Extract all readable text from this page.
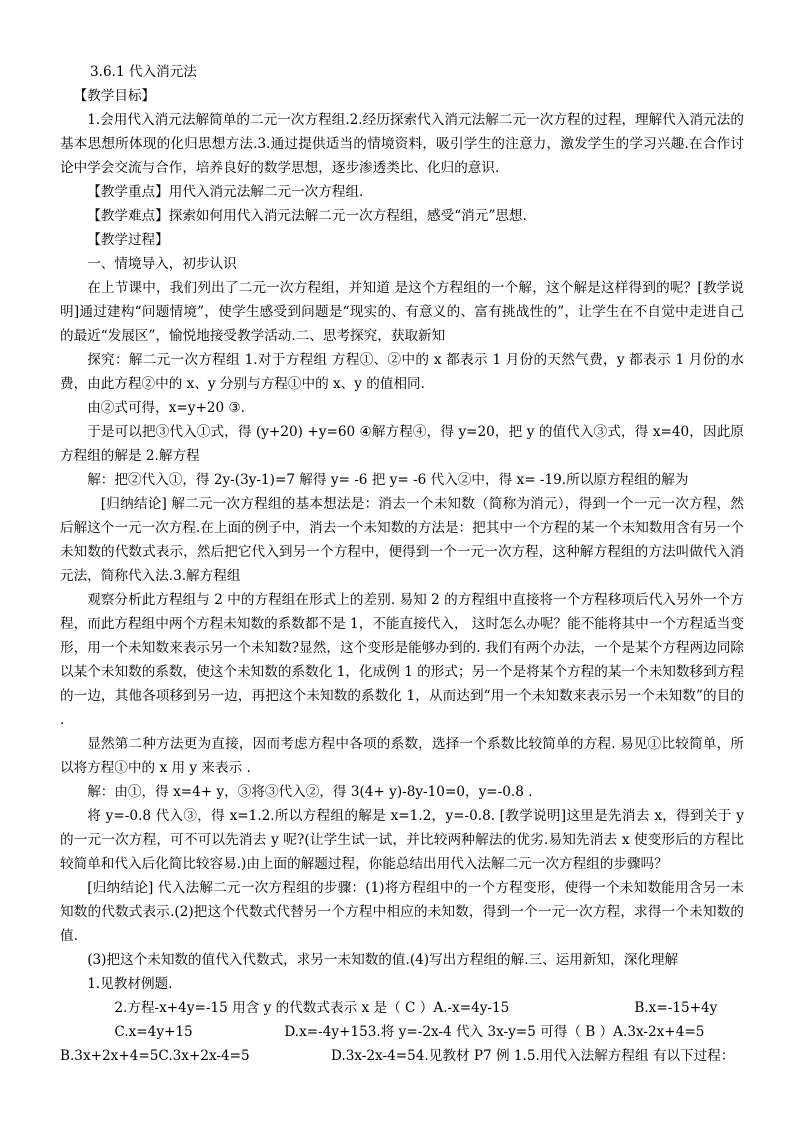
3.6.1 代入消元法

【教学目标】

1.会用代入消元法解简单的二元一次方程组.2.经历探索代入消元法解二元一次方程的过程，理解代入消元法的基本思想所体现的化归思想方法.3.通过提供适当的情境资料，吸引学生的注意力，激发学生的学习兴趣.在合作讨论中学会交流与合作，培养良好的数学思想，逐步渗透类比、化归的意识.

【教学重点】用代入消元法解二元一次方程组.

【教学难点】探索如何用代入消元法解二元一次方程组，感受“消元”思想.

【教学过程】

一、情境导入，初步认识

在上节课中，我们列出了二元一次方程组，并知道 是这个方程组的一个解，这个解是这样得到的呢？[教学说明]通过建构“问题情境”，使学生感受到问题是“现实的、有意义的、富有挑战性的”，让学生在不自觉中走进自己的最近“发展区”，愉悦地接受教学活动.二、思考探究，获取新知

探究：解二元一次方程组 1.对于方程组 方程①、②中的 x 都表示 1 月份的天然气费，y 都表示 1 月份的水费，由此方程②中的 x、y 分别与方程①中的 x、y 的值相同.

由②式可得，x=y+20 ③.

于是可以把③代入①式，得 (y+20) +y=60 ④解方程④，得 y=20，把 y 的值代入③式，得 x=40，因此原方程组的解是 2.解方程

解：把②代入①，得 2y-(3y-1)=7 解得 y= -6 把 y= -6 代入②中，得 x= -19.所以原方程组的解为

[归纳结论] 解二元一次方程组的基本想法是：消去一个未知数（简称为消元），得到一个一元一次方程，然后解这个一元一次方程.在上面的例子中，消去一个未知数的方法是：把其中一个方程的某一个未知数用含有另一个未知数的代数式表示，然后把它代入到另一个方程中，便得到一个一元一次方程，这种解方程组的方法叫做代入消元法，简称代入法.3.解方程组

观察分析此方程组与 2 中的方程组在形式上的差别. 易知 2 的方程组中直接将一个方程移项后代入另外一个方程，而此方程组中两个方程未知数的系数都不是 1，不能直接代入， 这时怎么办呢？能不能将其中一个方程适当变形，用一个未知数来表示另一个未知数?显然，这个变形是能够办到的. 我们有两个办法，一个是某个方程两边同除以某个未知数的系数，使这个未知数的系数化 1，化成例 1 的形式；另一个是将某个方程的某一个未知数移到方程的一边，其他各项移到另一边，再把这个未知数的系数化 1，从而达到“用一个未知数来表示另一个未知数”的目的 .

显然第二种方法更为直接，因而考虑方程中各项的系数，选择一个系数比较简单的方程. 易见①比较简单，所以将方程①中的 x 用 y 来表示 .

解：由①，得 x=4+ y，③将③代入②，得 3(4+ y)-8y-10=0，y=-0.8 .

将 y=-0.8 代入③，得 x=1.2.所以方程组的解是 x=1.2，y=-0.8. [教学说明]这里是先消去 x，得到关于 y 的一元一次方程，可不可以先消去 y 呢?(让学生试一试，并比较两种解法的优劣.易知先消去 x 使变形后的方程比较简单和代入后化简比较容易.)由上面的解题过程，你能总结出用代入法解二元一次方程组的步骤吗？

[归纳结论] 代入法解二元一次方程组的步骤：(1)将方程组中的一个方程变形，使得一个未知数能用含另一未知数的代数式表示.(2)把这个代数式代替另一个方程中相应的未知数，得到一个一元一次方程，求得一个未知数的值.

(3)把这个未知数的值代入代数式，求另一未知数的值.(4)写出方程组的解.三、运用新知，深化理解

1.见教材例题.

2.方程-x+4y=-15 用含 y 的代数式表示 x 是（ C ）A.-x=4y-15	B.x=-15+4y

C.x=4y+15	D.x=-4y+153.将 y=-2x-4 代入 3x-y=5 可得（ B ）A.3x-2x+4=5

B.3x+2x+4=5C.3x+2x-4=5	D.3x-2x-4=54.见教材 P7 例 1.5.用代入法解方程组 有以下过程：
